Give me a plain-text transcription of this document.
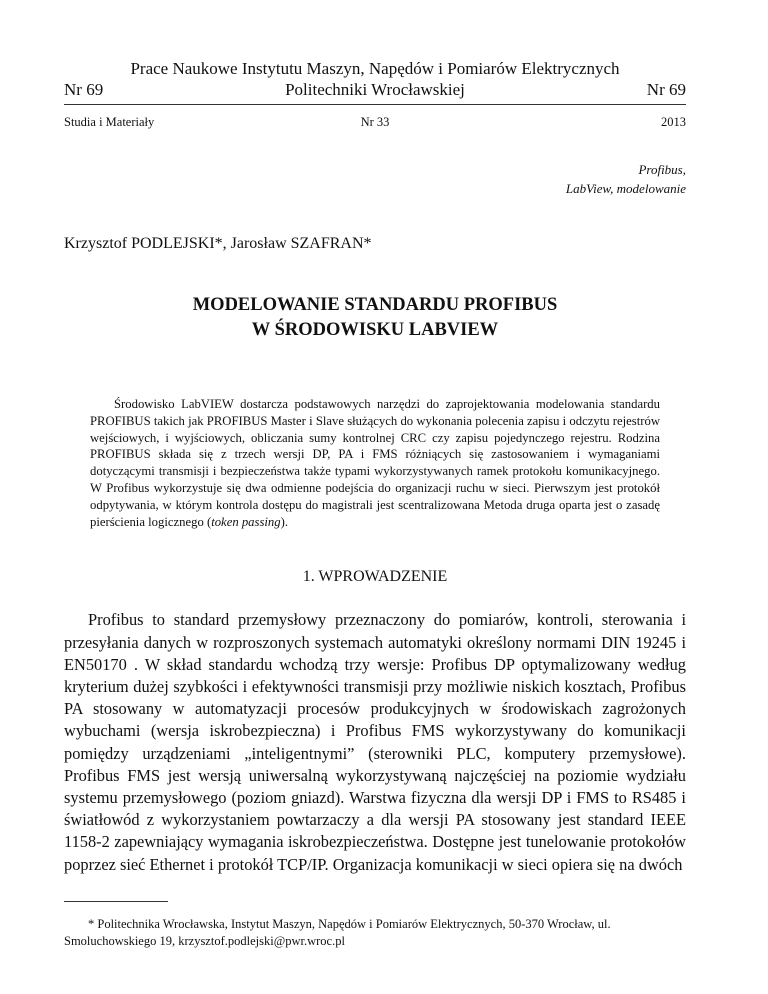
Prace Naukowe Instytutu Maszyn, Napędów i Pomiarów Elektrycznych
Politechniki Wrocławskiej
Nr 69	Nr 69
Studia i Materiały	Nr 33	2013
Profibus,
LabView, modelowanie
Krzysztof PODLEJSKI*, Jarosław SZAFRAN*
MODELOWANIE STANDARDU PROFIBUS
W ŚRODOWISKU LABVIEW

Środowisko LabVIEW dostarcza podstawowych narzędzi do zaprojektowania modelowania standardu PROFIBUS takich jak PROFIBUS Master i Slave służących do wykonania polecenia zapisu i odczytu rejestrów wejściowych, i wyjściowych, obliczania sumy kontrolnej CRC czy zapisu pojedynczego rejestru. Rodzina PROFIBUS składa się z trzech wersji DP, PA i FMS różniących się zastosowaniem i wymaganiami dotyczącymi transmisji i bezpieczeństwa także typami wykorzystywanych ramek protokołu komunikacyjnego. W Profibus wykorzystuje się dwa odmienne podejścia do organizacji ruchu w sieci. Pierwszym jest protokół odpytywania, w którym kontrola dostępu do magistrali jest scentralizowana Metoda druga oparta jest o zasadę pierścienia logicznego (token passing).

1. WPROWADZENIE

Profibus to standard przemysłowy przeznaczony do pomiarów, kontroli, sterowania i przesyłania danych w rozproszonych systemach automatyki określony normami DIN 19245 i EN50170 . W skład standardu wchodzą trzy wersje: Profibus DP optymalizowany według kryterium dużej szybkości i efektywności transmisji przy możliwie niskich kosztach, Profibus PA stosowany w automatyzacji procesów produkcyjnych w środowiskach zagrożonych wybuchami (wersja iskrobezpieczna) i Profibus FMS wykorzystywany do komunikacji pomiędzy urządzeniami „inteligentnymi” (sterowniki PLC, komputery przemysłowe). Profibus FMS jest wersją uniwersalną wykorzystywaną najczęściej na poziomie wydziału systemu przemysłowego (poziom gniazd). Warstwa fizyczna dla wersji DP i FMS to RS485 i światłowód z wykorzystaniem powtarzaczy a dla wersji PA stosowany jest standard IEEE 1158-2 zapewniający wymagania iskrobezpieczeństwa. Dostępne jest tunelowanie protokołów poprzez sieć Ethernet i protokół TCP/IP. Organizacja komunikacji w sieci opiera się na dwóch

* Politechnika Wrocławska, Instytut Maszyn, Napędów i Pomiarów Elektrycznych, 50-370 Wrocław, ul. Smoluchowskiego 19, krzysztof.podlejski@pwr.wroc.pl
